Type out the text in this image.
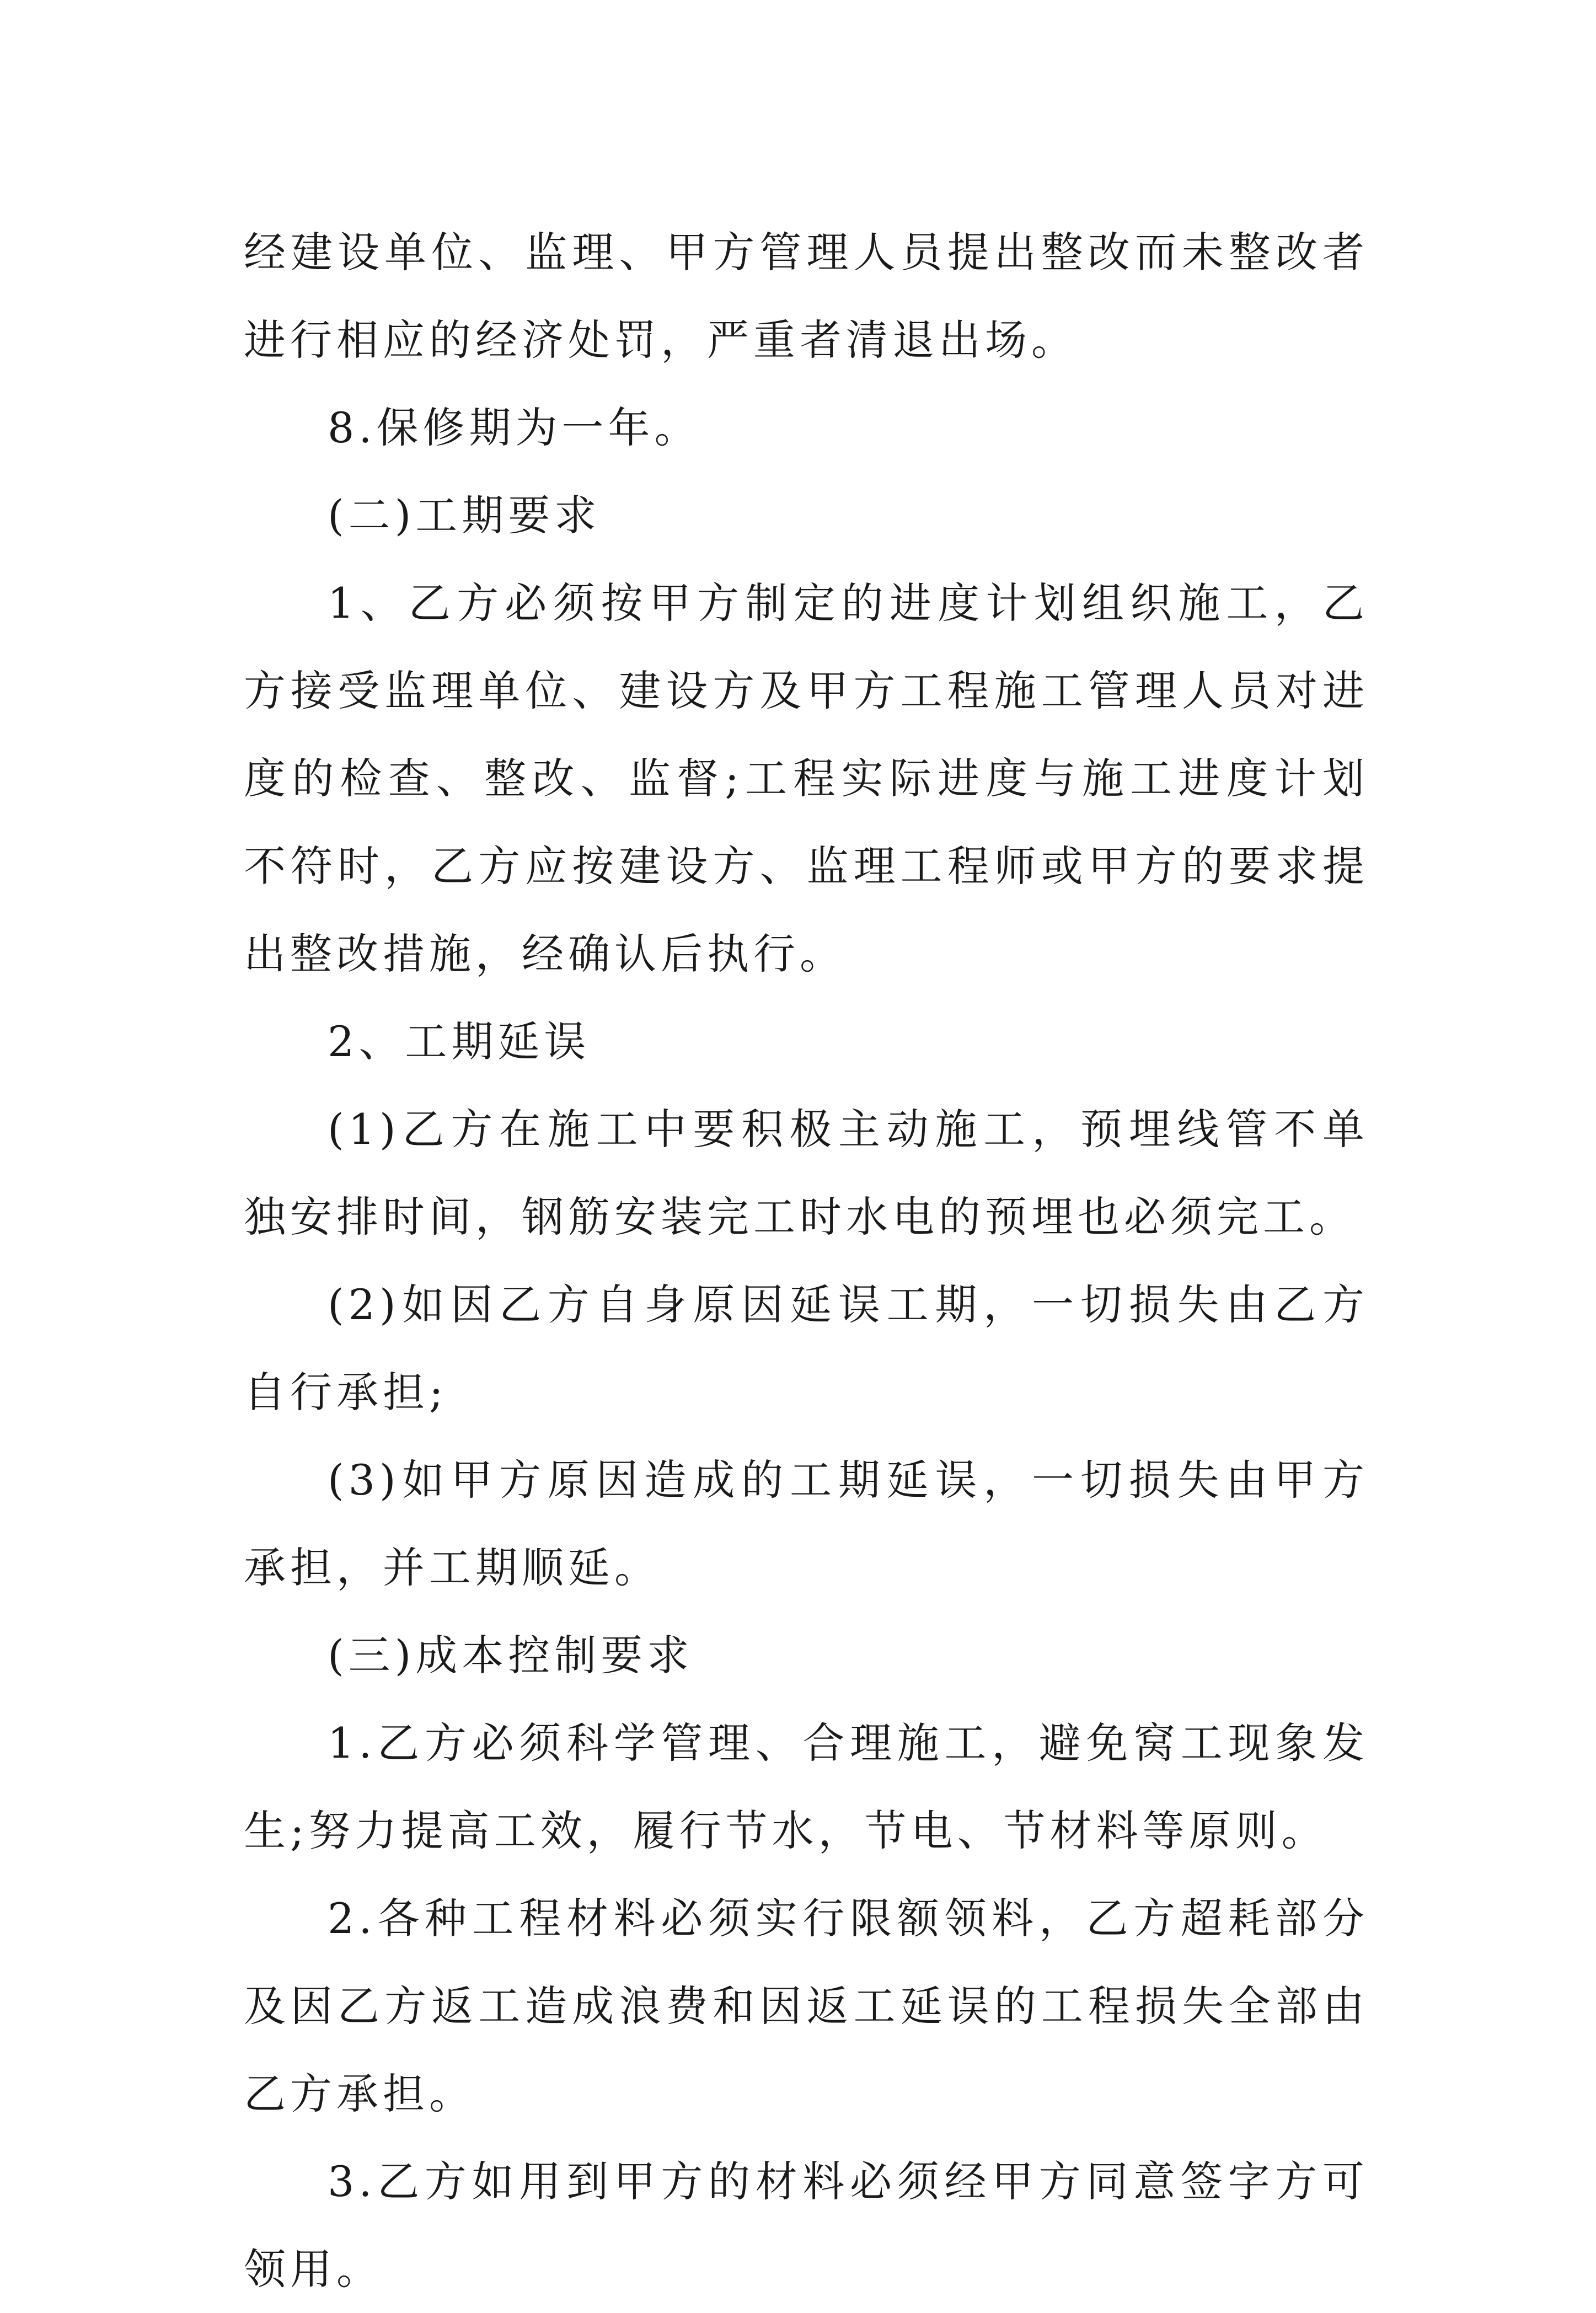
经建设单位、监理、甲方管理人员提出整改而未整改者进行相应的经济处罚，严重者清退出场。

8.保修期为一年。

(二)工期要求

1、乙方必须按甲方制定的进度计划组织施工，乙方接受监理单位、建设方及甲方工程施工管理人员对进度的检查、整改、监督;工程实际进度与施工进度计划不符时，乙方应按建设方、监理工程师或甲方的要求提出整改措施，经确认后执行。

2、工期延误

(1)乙方在施工中要积极主动施工，预埋线管不单独安排时间，钢筋安装完工时水电的预埋也必须完工。

(2)如因乙方自身原因延误工期，一切损失由乙方自行承担;

(3)如甲方原因造成的工期延误，一切损失由甲方承担，并工期顺延。

(三)成本控制要求

1.乙方必须科学管理、合理施工，避免窝工现象发生;努力提高工效，履行节水，节电、节材料等原则。

2.各种工程材料必须实行限额领料，乙方超耗部分及因乙方返工造成浪费和因返工延误的工程损失全部由乙方承担。

3.乙方如用到甲方的材料必须经甲方同意签字方可领用。
